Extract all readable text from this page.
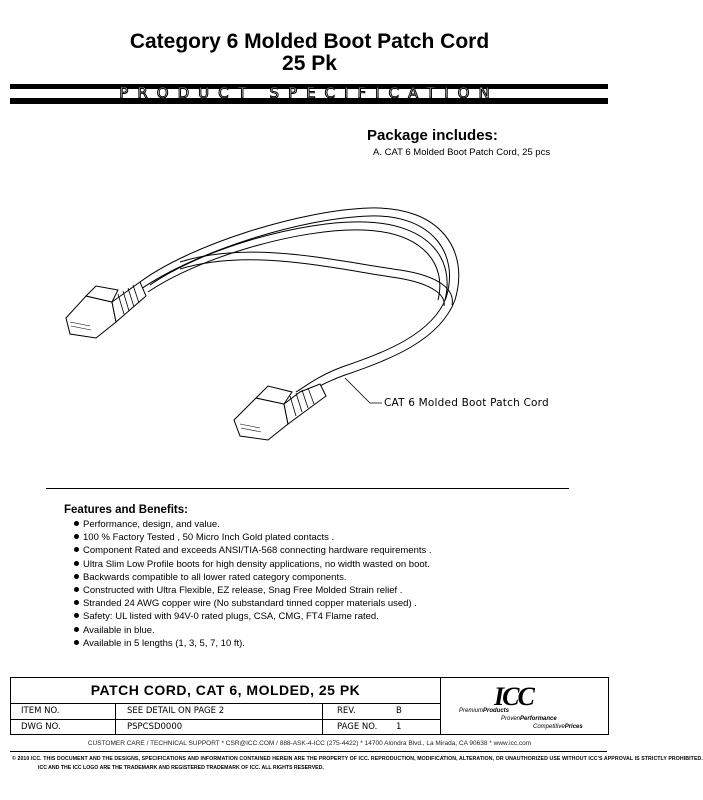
Category 6 Molded Boot Patch Cord
25 Pk
PRODUCT SPECIFICATION
Package includes:
A. CAT 6 Molded Boot Patch Cord, 25 pcs
CAT 6 Molded Boot Patch Cord
Features and Benefits:
Performance, design, and value.
100 % Factory Tested , 50 Micro Inch Gold plated contacts .
Component Rated and exceeds ANSI/TIA-568 connecting hardware requirements .
Ultra Slim Low Profile boots for high density applications, no width wasted on boot.
Backwards compatible to all lower rated category components.
Constructed with Ultra Flexible, EZ release, Snag Free Molded Strain relief .
Stranded 24 AWG copper wire (No substandard tinned copper materials used) .
Safety: UL listed with 94V-0 rated plugs, CSA, CMG, FT4 Flame rated.
Available in blue.
Available in 5 lengths (1, 3, 5, 7, 10 ft).
PATCH CORD, CAT 6, MOLDED, 25 PK
ITEM NO.	SEE DETAIL ON PAGE 2	REV.	B
DWG NO.	PSPCSD0000	PAGE NO. 1
ICC
PremiumProducts
ProvenPerformance
CompetitivePrices
CUSTOMER CARE / TECHNICAL SUPPORT * CSR@ICC.COM / 888-ASK-4-ICC (275-4422) * 14700 Alondra Blvd., La Mirada, CA 90638 * www.icc.com
© 2010 ICC. THIS DOCUMENT AND THE DESIGNS, SPECIFICATIONS AND INFORMATION CONTAINED HEREIN ARE THE PROPERTY OF ICC. REPRODUCTION, MODIFICATION, ALTERATION, OR UNAUTHORIZED USE WITHOUT ICC'S APPROVAL IS STRICTLY PROHIBITED.
ICC AND THE ICC LOGO ARE THE TRADEMARK AND REGISTERED TRADEMARK OF ICC. ALL RIGHTS RESERVED.
